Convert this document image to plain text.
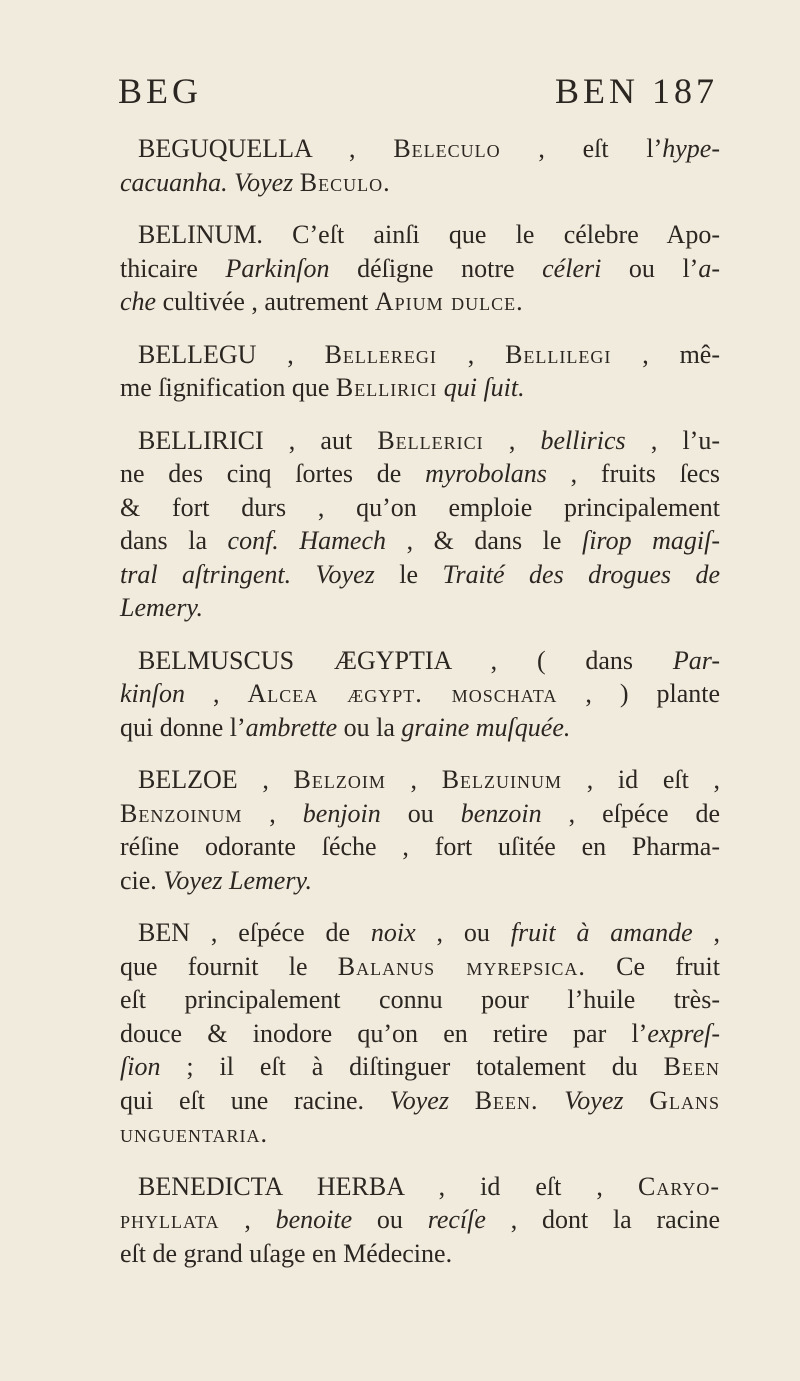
BEG	BEN 187
BEGUQUELLA , Beleculo , eſt l’hype-
cacuanha. Voyez Beculo.
BELINUM. C’eſt ainſi que le célebre Apo-
thicaire Parkinſon déſigne notre céleri ou l’a-
che cultivée , autrement Apium dulce.
BELLEGU , Belleregi , Bellilegi , mê-
me ſignification que Bellirici qui ſuit.
BELLIRICI , aut Bellerici , bellirics , l’u-
ne des cinq ſortes de myrobolans , fruits ſecs
& fort durs , qu’on emploie principalement
dans la conf. Hamech , & dans le ſirop magiſ-
tral aſtringent. Voyez le Traité des drogues de
Lemery.
BELMUSCUS ÆGYPTIA , ( dans Par-
kinſon , Alcea ægypt. moschata , ) plante
qui donne l’ambrette ou la graine muſquée.
BELZOE , Belzoim , Belzuinum , id eſt ,
Benzoinum , benjoin ou benzoin , eſpéce de
réſine odorante ſéche , fort uſitée en Pharma-
cie. Voyez Lemery.
BEN , eſpéce de noix , ou fruit à amande ,
que fournit le Balanus myrepsica. Ce fruit
eſt principalement connu pour l’huile très-
douce & inodore qu’on en retire par l’expreſ-
ſion ; il eſt à diſtinguer totalement du Been
qui eſt une racine. Voyez Been. Voyez Glans
unguentaria.
BENEDICTA HERBA , id eſt , Caryo-
phyllata , benoite ou recíſe , dont la racine
eſt de grand uſage en Médecine.
